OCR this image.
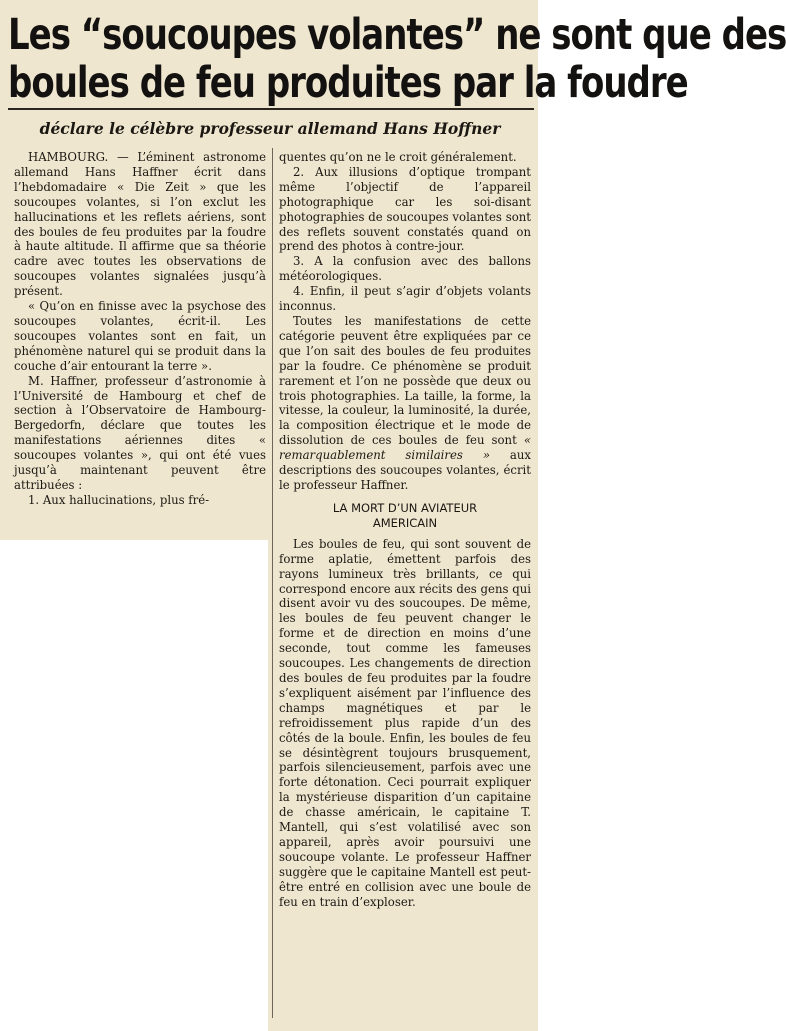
Les “soucoupes volantes” ne sont que des
boules de feu produites par la foudre
déclare le célèbre professeur allemand Hans Hoffner

HAMBOURG. — L’éminent astronome allemand Hans Haffner écrit dans l’hebdomadaire « Die Zeit » que les soucoupes volantes, si l’on exclut les hallucinations et les reflets aériens, sont des boules de feu produites par la foudre à haute altitude. Il affirme que sa théorie cadre avec toutes les observations de soucoupes volantes signalées jusqu’à présent.

« Qu’on en finisse avec la psychose des soucoupes volantes, écrit-il. Les soucoupes volantes sont en fait, un phénomène naturel qui se produit dans la couche d’air entourant la terre ».

M. Haffner, professeur d’astronomie à l’Université de Hambourg et chef de section à l’Observatoire de Hambourg-Bergedorfn, déclare que toutes les manifestations aériennes dites « soucoupes volantes », qui ont été vues jusqu’à maintenant peuvent être attribuées :

1. Aux hallucinations, plus fré-

quentes qu’on ne le croit généralement.

2. Aux illusions d’optique trompant même l’objectif de l’appareil photographique car les soi-disant photographies de soucoupes volantes sont des reflets souvent constatés quand on prend des photos à contre-jour.

3. A la confusion avec des ballons météorologiques.

4. Enfin, il peut s’agir d’objets volants inconnus.

Toutes les manifestations de cette catégorie peuvent être expliquées par ce que l’on sait des boules de feu produites par la foudre. Ce phénomène se produit rarement et l’on ne possède que deux ou trois photographies. La taille, la forme, la vitesse, la couleur, la luminosité, la durée, la composition électrique et le mode de dissolution de ces boules de feu sont « remarquablement similaires » aux descriptions des soucoupes volantes, écrit le professeur Haffner.

LA MORT D’UN AVIATEUR
AMERICAIN

Les boules de feu, qui sont souvent de forme aplatie, émettent parfois des rayons lumineux très brillants, ce qui correspond encore aux récits des gens qui disent avoir vu des soucoupes. De même, les boules de feu peuvent changer le forme et de direction en moins d’une seconde, tout comme les fameuses soucoupes. Les changements de direction des boules de feu produites par la foudre s’expliquent aisément par l’influence des champs magnétiques et par le refroidissement plus rapide d’un des côtés de la boule. Enfin, les boules de feu se désintègrent toujours brusquement, parfois silencieusement, parfois avec une forte détonation. Ceci pourrait expliquer la mystérieuse disparition d’un capitaine de chasse américain, le capitaine T. Mantell, qui s’est volatilisé avec son appareil, après avoir poursuivi une soucoupe volante. Le professeur Haffner suggère que le capitaine Mantell est peut-être entré en collision avec une boule de feu en train d’exploser.
